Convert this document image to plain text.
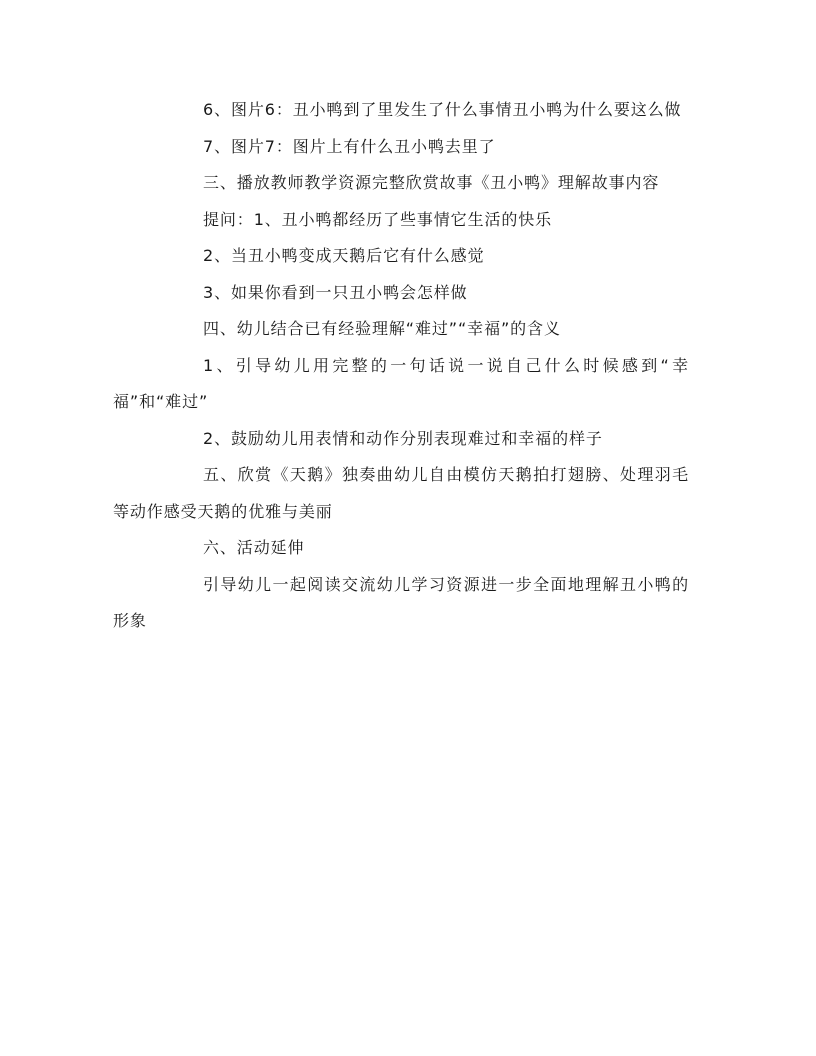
6、图片6：丑小鸭到了里发生了什么事情丑小鸭为什么要这么做

7、图片7：图片上有什么丑小鸭去里了

三、播放教师教学资源完整欣赏故事《丑小鸭》理解故事内容

提问：1、丑小鸭都经历了些事情它生活的快乐

2、当丑小鸭变成天鹅后它有什么感觉

3、如果你看到一只丑小鸭会怎样做

四、幼儿结合已有经验理解“难过”“幸福”的含义

1、引导幼儿用完整的一句话说一说自己什么时候感到“幸福”和“难过”

2、鼓励幼儿用表情和动作分别表现难过和幸福的样子

五、欣赏《天鹅》独奏曲幼儿自由模仿天鹅拍打翅膀、处理羽毛等动作感受天鹅的优雅与美丽

六、活动延伸

引导幼儿一起阅读交流幼儿学习资源进一步全面地理解丑小鸭的形象
